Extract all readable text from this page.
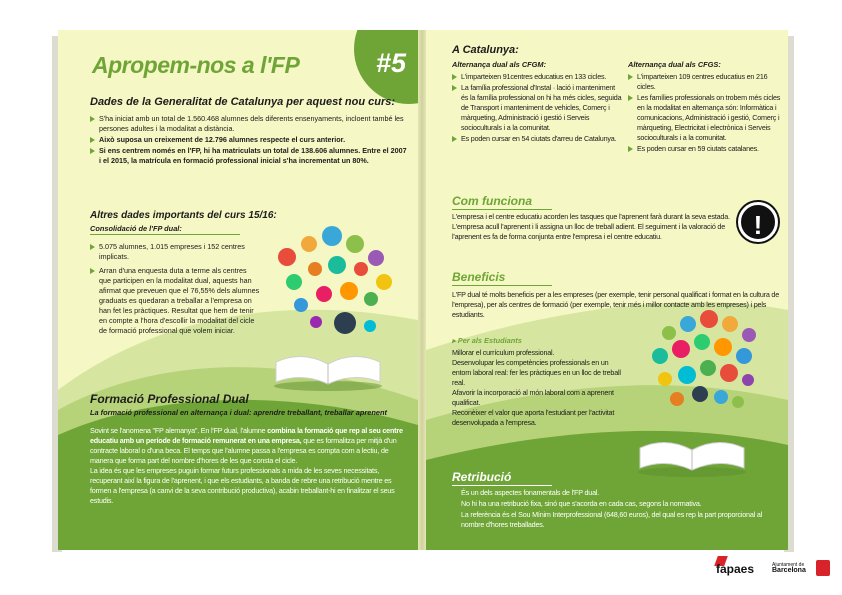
#5
Apropem-nos a l'FP
Dades de la Generalitat de Catalunya per aquest nou curs:
S'ha iniciat amb un total de 1.560.468 alumnes dels diferents ensenyaments, incloent també les persones adultes i la modalitat a distància.
Això suposa un creixement de 12.796 alumnes respecte el curs anterior.
Si ens centrem només en l'FP, hi ha matriculats un total de 138.606 alumnes. Entre el 2007 i el 2015, la matrícula en formació professional inicial s'ha incrementat un 80%.
Altres dades importants del curs 15/16:
Consolidació de l'FP dual:
5.075 alumnes, 1.015 empreses i 152 centres implicats.
Arran d'una enquesta duta a terme als centres que participen en la modalitat dual, aquests han afirmat que preveuen que el 76,55% dels alumnes graduats es quedaran a treballar a l'empresa on han fet les pràctiques. Resultat que hem de tenir en compte a l'hora d'escollir la modalitat del cicle de formació professional que volem iniciar.
Formació Professional Dual
La formació professional en alternança i dual: aprendre treballant, treballar aprenent

Sovint se l'anomena "FP alemanya". En l'FP dual, l'alumne combina la formació que rep al seu centre educatiu amb un període de formació remunerat en una empresa, que es formalitza per mitjà d'un contracte laboral o d'una beca. El temps que l'alumne passa a l'empresa es compta com a lectiu, de manera que forma part del nombre d'hores de les que consta el cicle.

La idea és que les empreses puguin formar futurs professionals a mida de les seves necessitats, recuperant així la figura de l'aprenent, i que els estudiants, a banda de rebre una retribució mentre es formen a l'empresa (a canvi de la seva contribució productiva), acabin treballant-hi en finalitzar el seus estudis.

A Catalunya:
Alternança dual als CFGM:
L'imparteixen 91centres educatius en 133 cicles.
La família professional d'Instal · lació i manteniment és la família professional on hi ha més cicles, seguida de Transport i manteniment de vehicles, Comerç i màrqueting, Administració i gestió i Serveis socioculturals i a la comunitat.
Es poden cursar en 54 ciutats d'arreu de Catalunya.
Alternança dual als CFGS:
L'imparteixen 109 centres educatius en 216 cicles.
Les famílies professionals on trobem més cicles en la modalitat en alternança són: Informàtica i comunicacions, Administració i gestió, Comerç i màrqueting, Electricitat i electrònica i Serveis socioculturals i a la comunitat.
Es poden cursar en 59 ciutats catalanes.
Com funciona
L'empresa i el centre educatiu acorden les tasques que l'aprenent farà durant la seva estada. L'empresa acull l'aprenent i li assigna un lloc de treball adient. El seguiment i la valoració de l'aprenent es fa de forma conjunta entre l'empresa i el centre educatiu.	!
Beneficis
L'FP dual té molts beneficis per a les empreses (per exemple, tenir personal qualificat i format en la cultura de l'empresa), per als centres de formació (per exemple, tenir més i millor contacte amb les empreses) i pels estudiants.
▸ Per als Estudiants

Millorar el currículum professional.

Desenvolupar les competències professionals en un entorn laboral real: fer les pràctiques en un lloc de treball real.

Afavorir la incorporació al món laboral com a aprenent qualificat.

Reconèixer el valor que aporta l'estudiant per l'activitat desenvolupada a l'empresa.

Retribució
És un dels aspectes fonamentals de l'FP dual.
No hi ha una retribució fixa, sinó que s'acorda en cada cas, segons la normativa.
La referència és el Sou Mínim Interprofessional (648,60 euros), del qual es rep la part proporcional al nombre d'hores treballades.
fapaes	Ajuntament de
Barcelona
